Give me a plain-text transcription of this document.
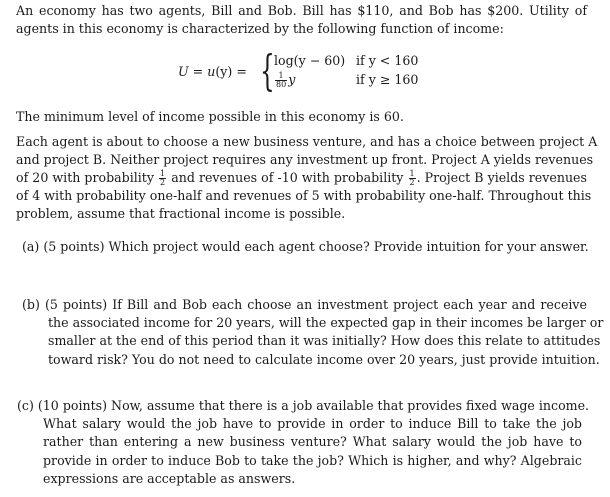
An economy has two agents, Bill and Bob. Bill has $110, and Bob has $200. Utility of
agents in this economy is characterized by the following function of income:

U = u(y) = { log(y − 60) if y < 160
$\frac{1}{80}$ y	if y ≥ 160

The minimum level of income possible in this economy is 60.

Each agent is about to choose a new business venture, and has a choice between project A
and project B. Neither project requires any investment up front. Project A yields revenues
of 20 with probability $\frac{1}{2}$ and revenues of -10 with probability $\frac{1}{2}$ . Project B yields revenues
of 4 with probability one-half and revenues of 5 with probability one-half. Throughout this
problem, assume that fractional income is possible.

(a) (5 points) Which project would each agent choose? Provide intuition for your answer.

(b) (5 points) If Bill and Bob each choose an investment project each year and receive
the associated income for 20 years, will the expected gap in their incomes be larger or
smaller at the end of this period than it was initially? How does this relate to attitudes
toward risk? You do not need to calculate income over 20 years, just provide intuition.

(c) (10 points) Now, assume that there is a job available that provides fixed wage income.
What salary would the job have to provide in order to induce Bill to take the job
rather than entering a new business venture? What salary would the job have to
provide in order to induce Bob to take the job? Which is higher, and why? Algebraic
expressions are acceptable as answers.
